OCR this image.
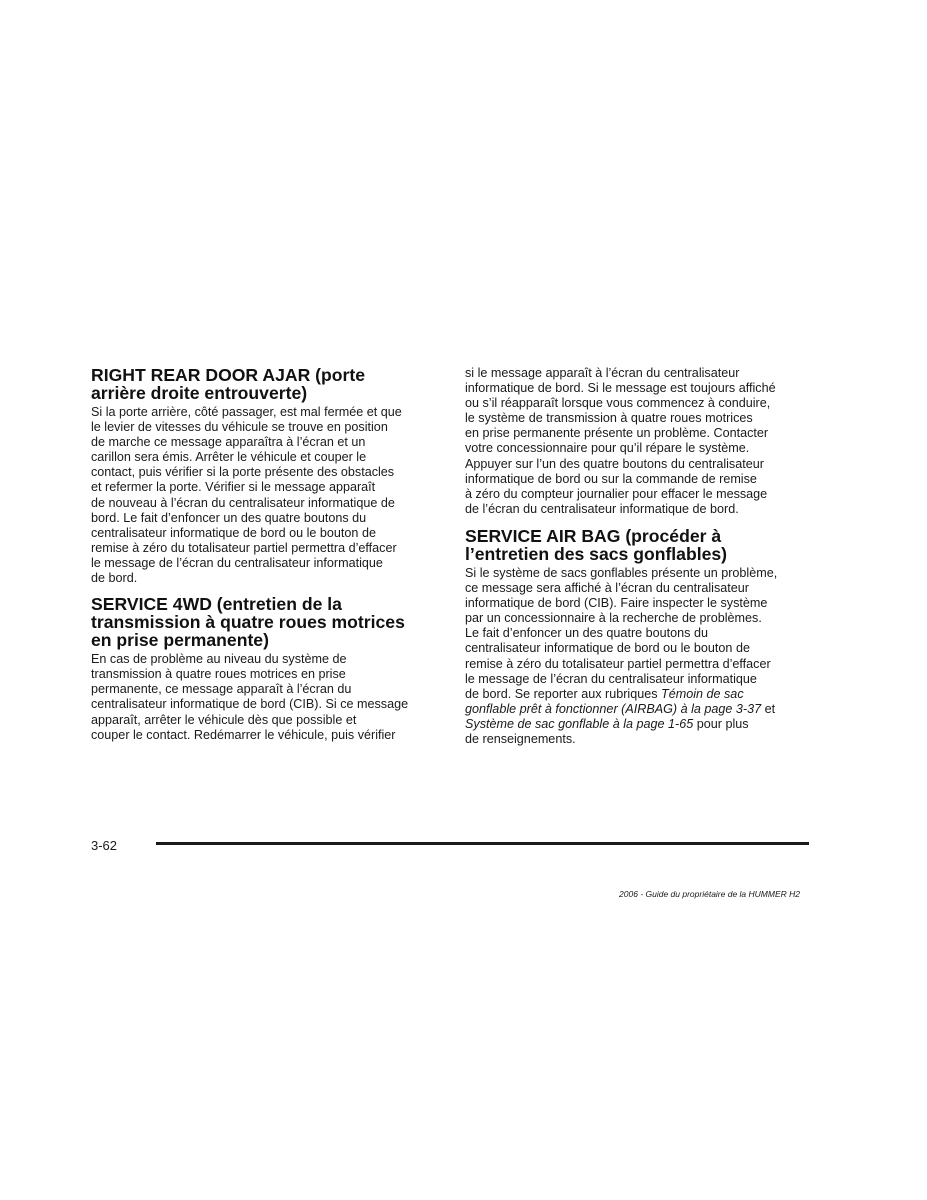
RIGHT REAR DOOR AJAR (porte
arrière droite entrouverte)

Si la porte arrière, côté passager, est mal fermée et que
le levier de vitesses du véhicule se trouve en position
de marche ce message apparaîtra à l’écran et un
carillon sera émis. Arrêter le véhicule et couper le
contact, puis vérifier si la porte présente des obstacles
et refermer la porte. Vérifier si le message apparaît
de nouveau à l’écran du centralisateur informatique de
bord. Le fait d’enfoncer un des quatre boutons du
centralisateur informatique de bord ou le bouton de
remise à zéro du totalisateur partiel permettra d’effacer
le message de l’écran du centralisateur informatique
de bord.

SERVICE 4WD (entretien de la
transmission à quatre roues motrices
en prise permanente)

En cas de problème au niveau du système de
transmission à quatre roues motrices en prise
permanente, ce message apparaît à l’écran du
centralisateur informatique de bord (CIB). Si ce message
apparaît, arrêter le véhicule dès que possible et
couper le contact. Redémarrer le véhicule, puis vérifier

si le message apparaît à l’écran du centralisateur
informatique de bord. Si le message est toujours affiché
ou s’il réapparaît lorsque vous commencez à conduire,
le système de transmission à quatre roues motrices
en prise permanente présente un problème. Contacter
votre concessionnaire pour qu’il répare le système.
Appuyer sur l’un des quatre boutons du centralisateur
informatique de bord ou sur la commande de remise
à zéro du compteur journalier pour effacer le message
de l’écran du centralisateur informatique de bord.

SERVICE AIR BAG (procéder à
l’entretien des sacs gonflables)

Si le système de sacs gonflables présente un problème,
ce message sera affiché à l’écran du centralisateur
informatique de bord (CIB). Faire inspecter le système
par un concessionnaire à la recherche de problèmes.
Le fait d’enfoncer un des quatre boutons du
centralisateur informatique de bord ou le bouton de
remise à zéro du totalisateur partiel permettra d’effacer
le message de l’écran du centralisateur informatique
de bord. Se reporter aux rubriques Témoin de sac
gonflable prêt à fonctionner (AIRBAG) à la page 3-37 et
Système de sac gonflable à la page 1-65 pour plus
de renseignements.

3-62
2006 - Guide du propriétaire de la HUMMER H2
